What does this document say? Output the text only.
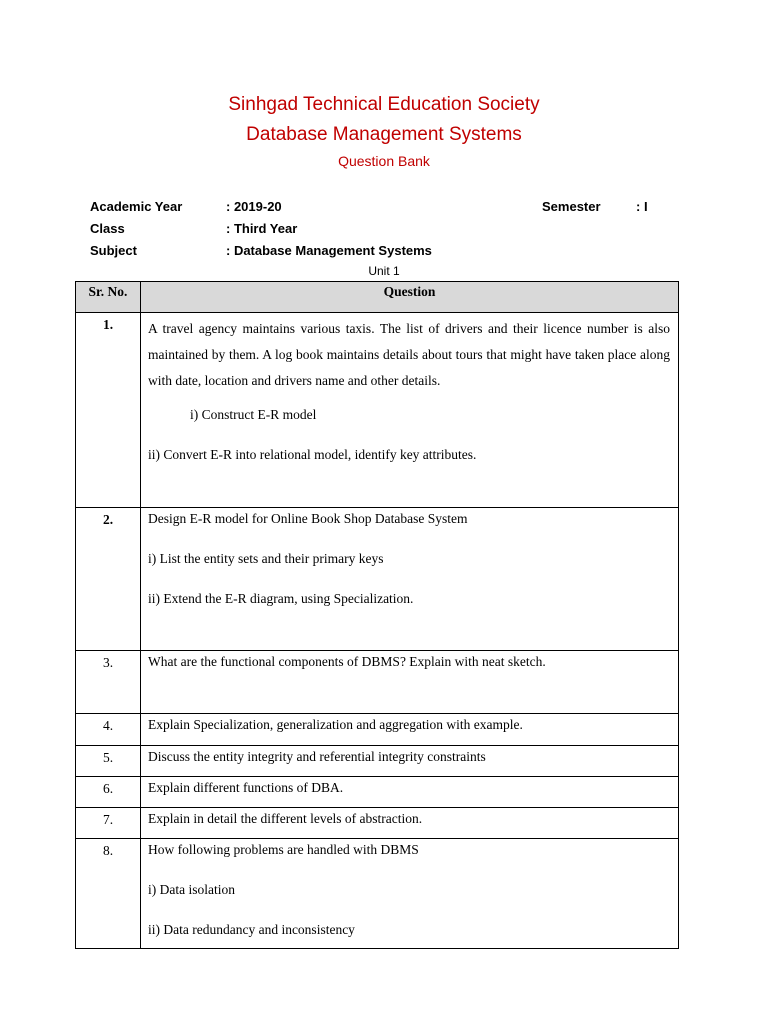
Sinhgad Technical Education Society
Database Management Systems
Question Bank
Academic Year	: 2019-20	Semester	: I
Class	: Third Year
Subject	: Database Management Systems
Unit 1
Sr. No.	Question
1.	A travel agency maintains various taxis. The list of drivers and their licence number is also maintained by them. A log book maintains details about tours that might have taken place along with date, location and drivers name and other details.
i) Construct E-R model
ii) Convert E-R into relational model, identify key attributes.

2.	Design E-R model for Online Book Shop Database System
i) List the entity sets and their primary keys
ii) Extend the E-R diagram, using Specialization.

3.	What are the functional components of DBMS? Explain with neat sketch.

4.	Explain Specialization, generalization and aggregation with example.

5.	Discuss the entity integrity and referential integrity constraints

6.	Explain different functions of DBA.

7.	Explain in detail the different levels of abstraction.

8.	How following problems are handled with DBMS
i) Data isolation
ii) Data redundancy and inconsistency
